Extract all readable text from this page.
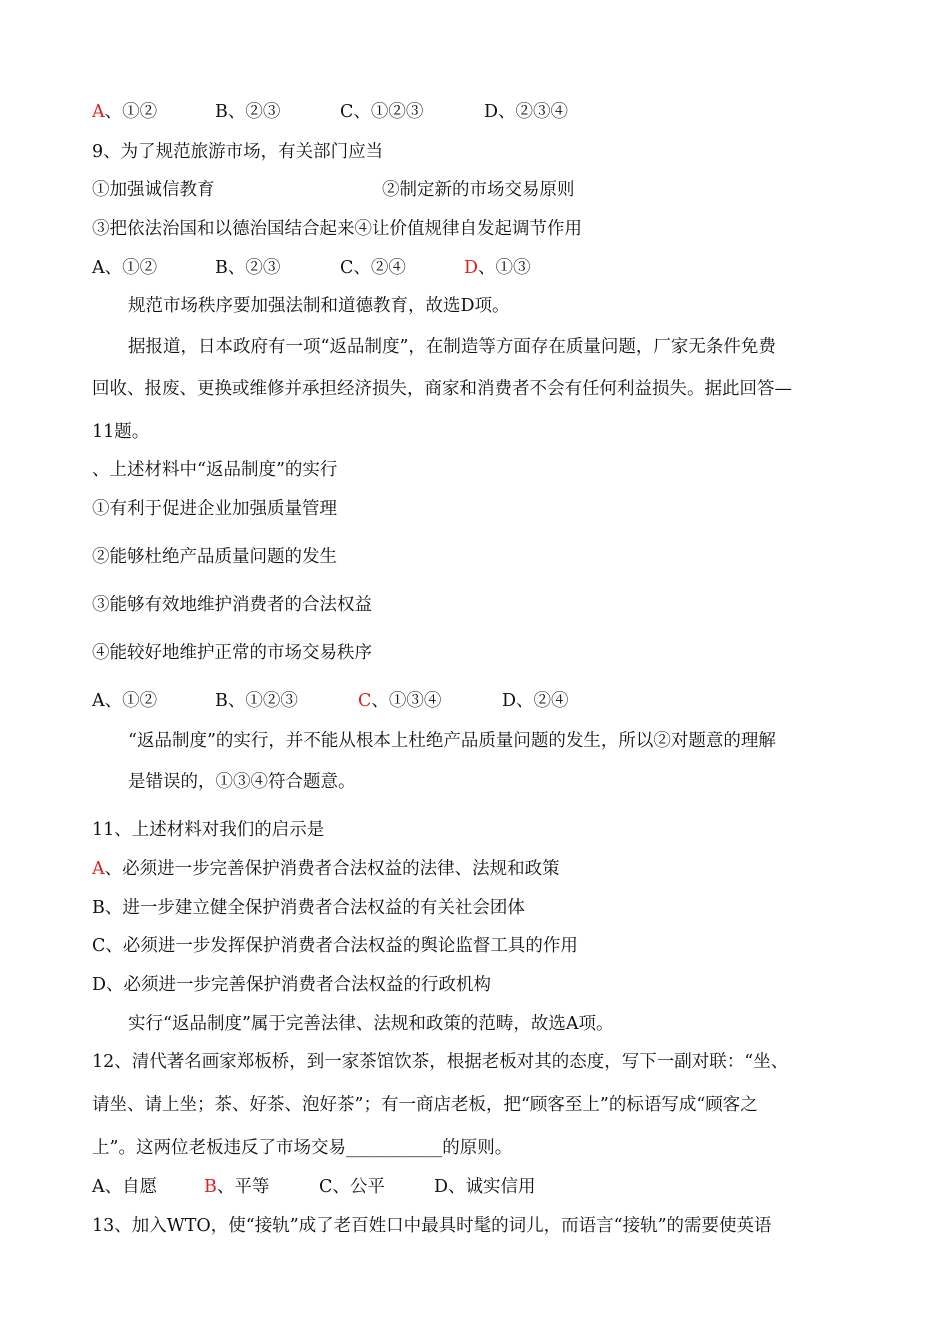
A、①②	B、②③	C、①②③	D、②③④
9、为了规范旅游市场，有关部门应当
①加强诚信教育	②制定新的市场交易原则
③把依法治国和以德治国结合起来④让价值规律自发起调节作用
A、①②	B、②③	C、②④	D、①③
规范市场秩序要加强法制和道德教育，故选D项。
据报道，日本政府有一项“返品制度”，在制造等方面存在质量问题，厂家无条件免费
回收、报废、更换或维修并承担经济损失，商家和消费者不会有任何利益损失。据此回答—
11题。
、上述材料中“返品制度”的实行
①有利于促进企业加强质量管理
②能够杜绝产品质量问题的发生
③能够有效地维护消费者的合法权益
④能较好地维护正常的市场交易秩序
A、①②	B、①②③	C、①③④	D、②④
“返品制度”的实行，并不能从根本上杜绝产品质量问题的发生，所以②对题意的理解
是错误的，①③④符合题意。
11、上述材料对我们的启示是
A、必须进一步完善保护消费者合法权益的法律、法规和政策
B、进一步建立健全保护消费者合法权益的有关社会团体
C、必须进一步发挥保护消费者合法权益的舆论监督工具的作用
D、必须进一步完善保护消费者合法权益的行政机构
实行“返品制度”属于完善法律、法规和政策的范畴，故选A项。
12、清代著名画家郑板桥，到一家茶馆饮茶，根据老板对其的态度，写下一副对联：“坐、
请坐、请上坐；茶、好茶、泡好茶”；有一商店老板，把“顾客至上”的标语写成“顾客之
上”。这两位老板违反了市场交易___________的原则。
A、自愿	B、平等	C、公平	D、诚实信用
13、加入WTO，使“接轨”成了老百姓口中最具时髦的词儿，而语言“接轨”的需要使英语
